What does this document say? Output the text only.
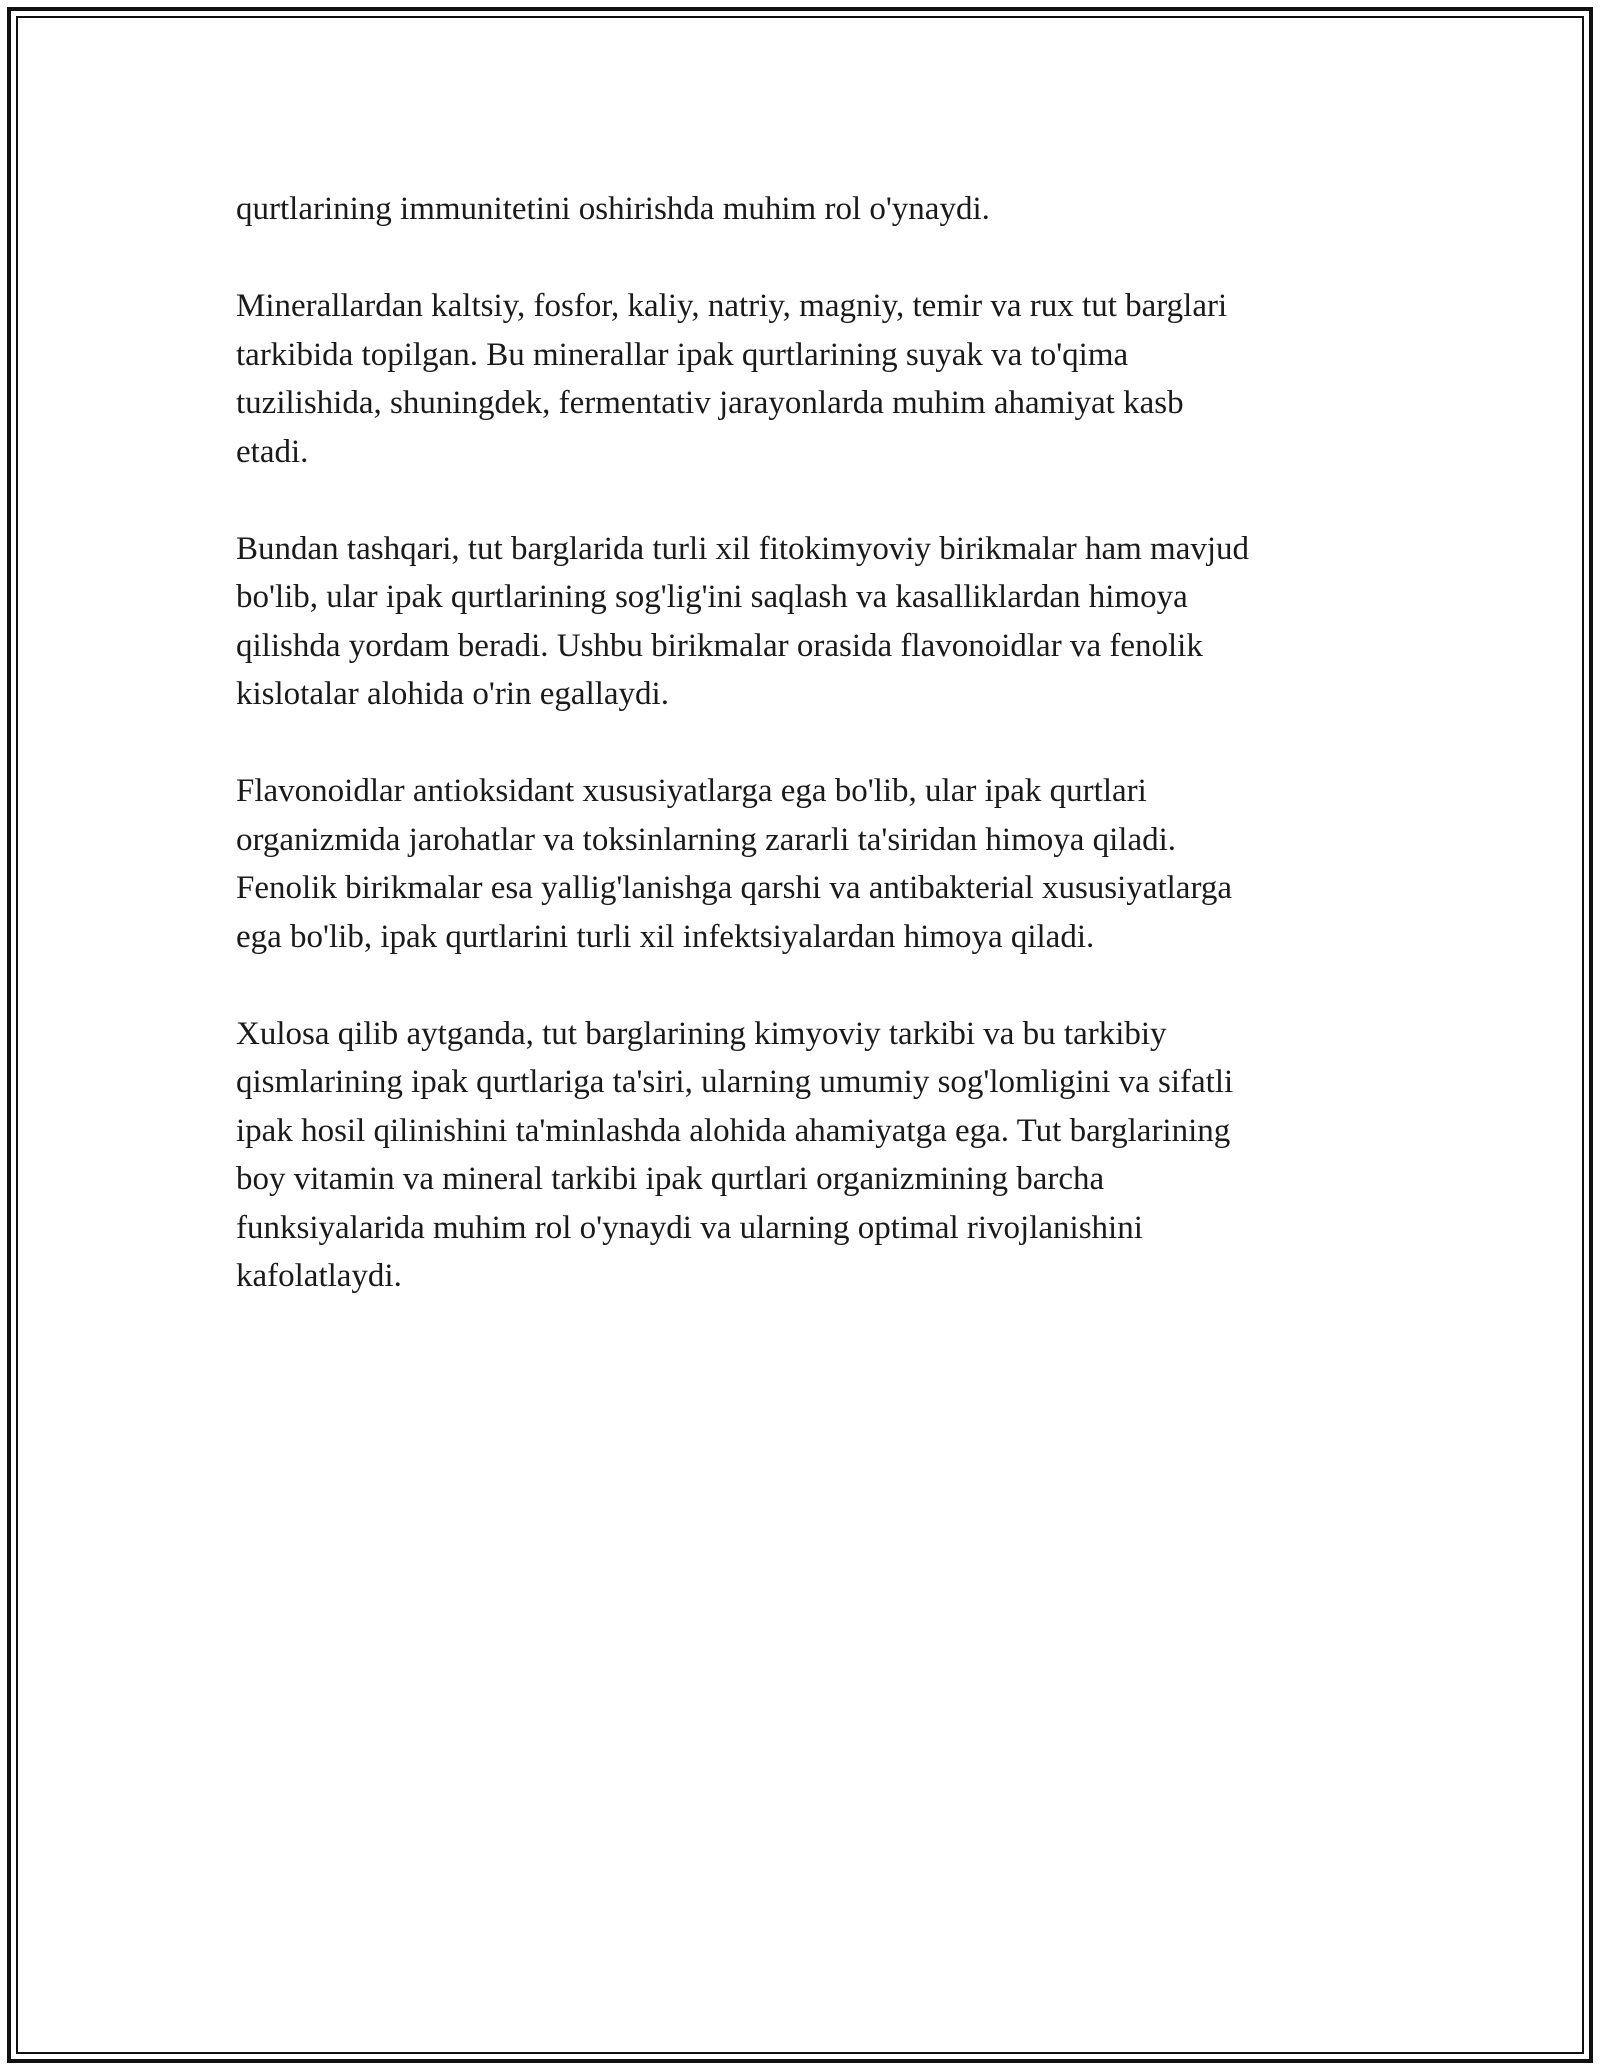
qurtlarining immunitetini oshirishda muhim rol o'ynaydi.

Minerallardan kaltsiy, fosfor, kaliy, natriy, magniy, temir va rux tut barglari
tarkibida topilgan. Bu minerallar ipak qurtlarining suyak va to'qima
tuzilishida, shuningdek, fermentativ jarayonlarda muhim ahamiyat kasb
etadi.

Bundan tashqari, tut barglarida turli xil fitokimyoviy birikmalar ham mavjud
bo'lib, ular ipak qurtlarining sog'lig'ini saqlash va kasalliklardan himoya
qilishda yordam beradi. Ushbu birikmalar orasida flavonoidlar va fenolik
kislotalar alohida o'rin egallaydi.

Flavonoidlar antioksidant xususiyatlarga ega bo'lib, ular ipak qurtlari
organizmida jarohatlar va toksinlarning zararli ta'siridan himoya qiladi.
Fenolik birikmalar esa yallig'lanishga qarshi va antibakterial xususiyatlarga
ega bo'lib, ipak qurtlarini turli xil infektsiyalardan himoya qiladi.

Xulosa qilib aytganda, tut barglarining kimyoviy tarkibi va bu tarkibiy
qismlarining ipak qurtlariga ta'siri, ularning umumiy sog'lomligini va sifatli
ipak hosil qilinishini ta'minlashda alohida ahamiyatga ega. Tut barglarining
boy vitamin va mineral tarkibi ipak qurtlari organizmining barcha
funksiyalarida muhim rol o'ynaydi va ularning optimal rivojlanishini
kafolatlaydi.
